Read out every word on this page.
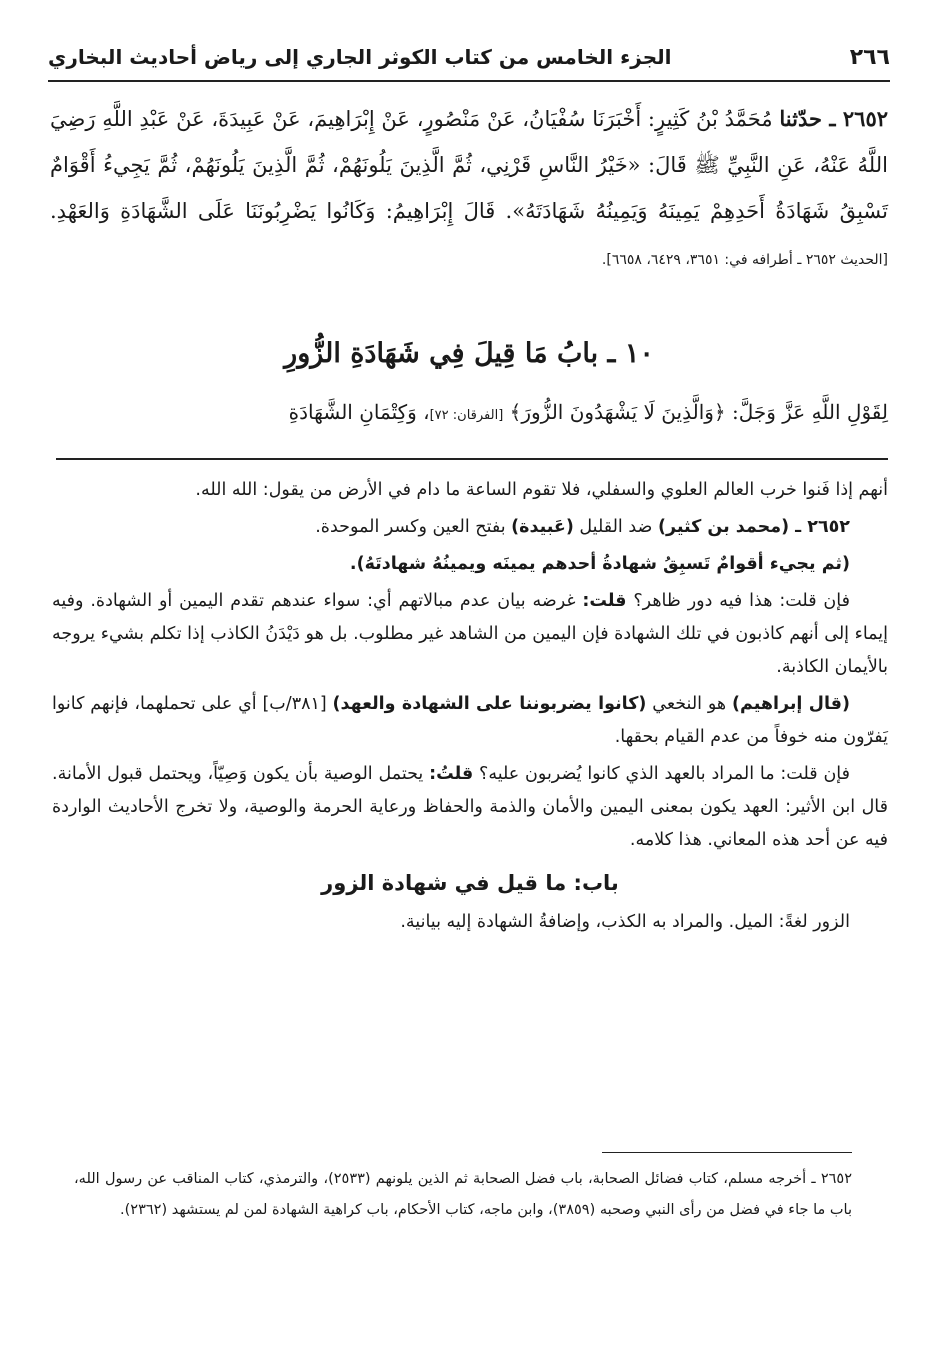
٢٦٦
الجزء الخامس من كتاب الكوثر الجاري إلى رياض أحاديث البخاري
٢٦٥٢ ـ حدّثنا مُحَمَّدُ بْنُ كَثِيرٍ: أَخْبَرَنَا سُفْيَانُ، عَنْ مَنْصُورٍ، عَنْ إِبْرَاهِيمَ، عَنْ عَبِيدَةَ، عَنْ عَبْدِ اللَّهِ رَضِيَ اللَّهُ عَنْهُ، عَنِ النَّبِيِّ ﷺ قَالَ: «خَيْرُ النَّاسِ قَرْنِي، ثُمَّ الَّذِينَ يَلُونَهُمْ، ثُمَّ الَّذِينَ يَلُونَهُمْ، ثُمَّ يَجِيءُ أَقْوَامٌ تَسْبِقُ شَهَادَةُ أَحَدِهِمْ يَمِينَهُ وَيَمِينُهُ شَهَادَتَهُ». قَالَ إِبْرَاهِيمُ: وَكَانُوا يَضْرِبُونَنَا عَلَى الشَّهَادَةِ وَالعَهْدِ. [الحديث ٢٦٥٢ ـ أطرافه في: ٣٦٥١، ٦٤٢٩، ٦٦٥٨].
١٠ ـ بابُ مَا قِيلَ فِي شَهَادَةِ الزُّورِ
لِقَوْلِ اللَّهِ عَزَّ وَجَلَّ: ﴿وَالَّذِينَ لَا يَشْهَدُونَ الزُّورَ﴾ [الفرقان: ٧٢]، وَكِتْمَانِ الشَّهَادَةِ

أنهم إذا فَنوا خرب العالم العلوي والسفلي، فلا تقوم الساعة ما دام في الأرض من يقول: الله الله.

٢٦٥٢ ـ (محمد بن كثير) ضد القليل (عَبيدة) بفتح العين وكسر الموحدة.

(ثم يجيء أقوامٌ تَسبِقُ شهادةُ أحدهم يمينَه ويمينُهُ شهادتَهُ).

فإن قلت: هذا فيه دور ظاهر؟ قلت: غرضه بيان عدم مبالاتهم أي: سواء عندهم تقدم اليمين أو الشهادة. وفيه إيماء إلى أنهم كاذبون في تلك الشهادة فإن اليمين من الشاهد غير مطلوب. بل هو دَيْدَنُ الكاذب إذا تكلم بشيء يروجه بالأيمان الكاذبة.

(قال إبراهيم) هو النخعي (كانوا يضربوننا على الشهادة والعهد) [٣٨١/ب] أي على تحملهما، فإنهم كانوا يَفرّون منه خوفاً من عدم القيام بحقها.

فإن قلت: ما المراد بالعهد الذي كانوا يُضربون عليه؟ قلتُ: يحتمل الوصية بأن يكون وَصِيّاً، ويحتمل قبول الأمانة. قال ابن الأثير: العهد يكون بمعنى اليمين والأمان والذمة والحفاظ ورعاية الحرمة والوصية، ولا تخرج الأحاديث الواردة فيه عن أحد هذه المعاني. هذا كلامه.

باب: ما قيل في شهادة الزور

الزور لغةً: الميل. والمراد به الكذب، وإضافةُ الشهادة إليه بيانية.

٢٦٥٢ ـ أخرجه مسلم، كتاب فضائل الصحابة، باب فضل الصحابة ثم الذين يلونهم (٢٥٣٣)، والترمذي، كتاب المناقب عن رسول الله، باب ما جاء في فضل من رأى النبي وصحبه (٣٨٥٩)، وابن ماجه، كتاب الأحكام، باب كراهية الشهادة لمن لم يستشهد (٢٣٦٢).
